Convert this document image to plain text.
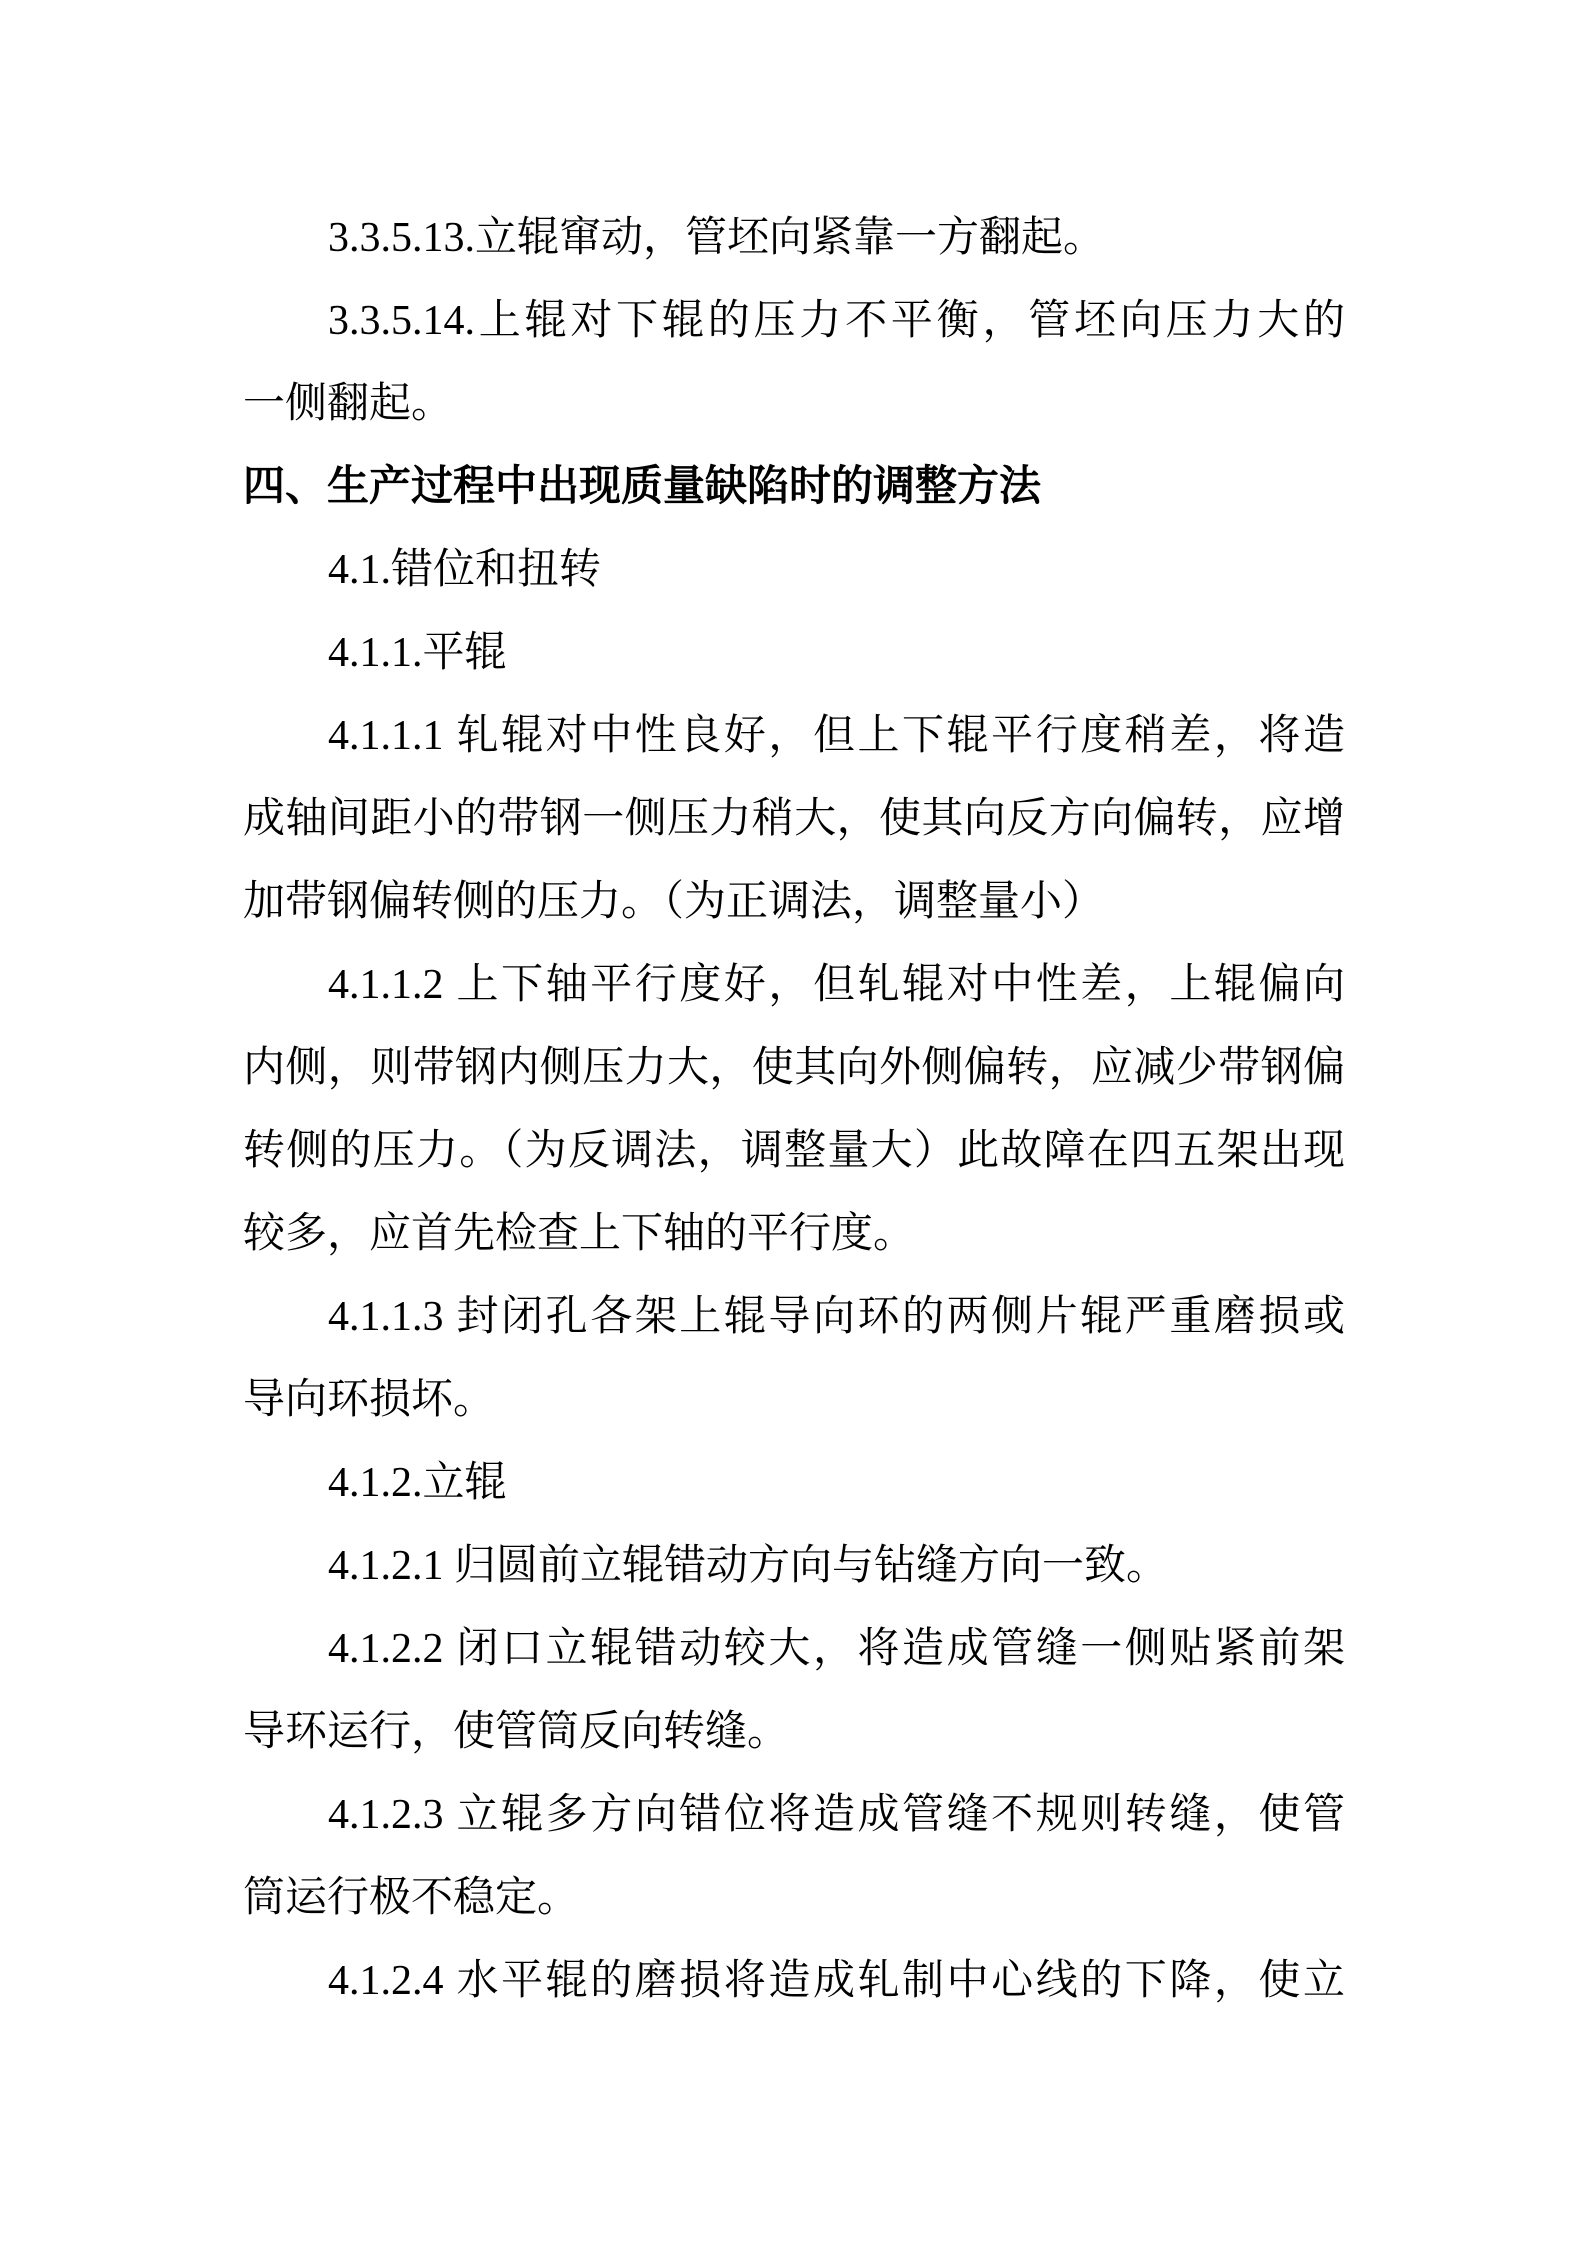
3.3.5.13.立辊窜动，管坯向紧靠一方翻起。

3.3.5.14.上辊对下辊的压力不平衡，管坯向压力大的

一侧翻起。

四、生产过程中出现质量缺陷时的调整方法

4.1.错位和扭转

4.1.1.平辊

4.1.1.1 轧辊对中性良好，但上下辊平行度稍差，将造

成轴间距小的带钢一侧压力稍大，使其向反方向偏转，应增

加带钢偏转侧的压力。（为正调法，调整量小）

4.1.1.2 上下轴平行度好，但轧辊对中性差，上辊偏向

内侧，则带钢内侧压力大，使其向外侧偏转，应减少带钢偏

转侧的压力。（为反调法，调整量大）此故障在四五架出现

较多，应首先检查上下轴的平行度。

4.1.1.3 封闭孔各架上辊导向环的两侧片辊严重磨损或

导向环损坏。

4.1.2.立辊

4.1.2.1 归圆前立辊错动方向与钻缝方向一致。

4.1.2.2 闭口立辊错动较大，将造成管缝一侧贴紧前架

导环运行，使管筒反向转缝。

4.1.2.3 立辊多方向错位将造成管缝不规则转缝，使管

筒运行极不稳定。

4.1.2.4 水平辊的磨损将造成轧制中心线的下降，使立
